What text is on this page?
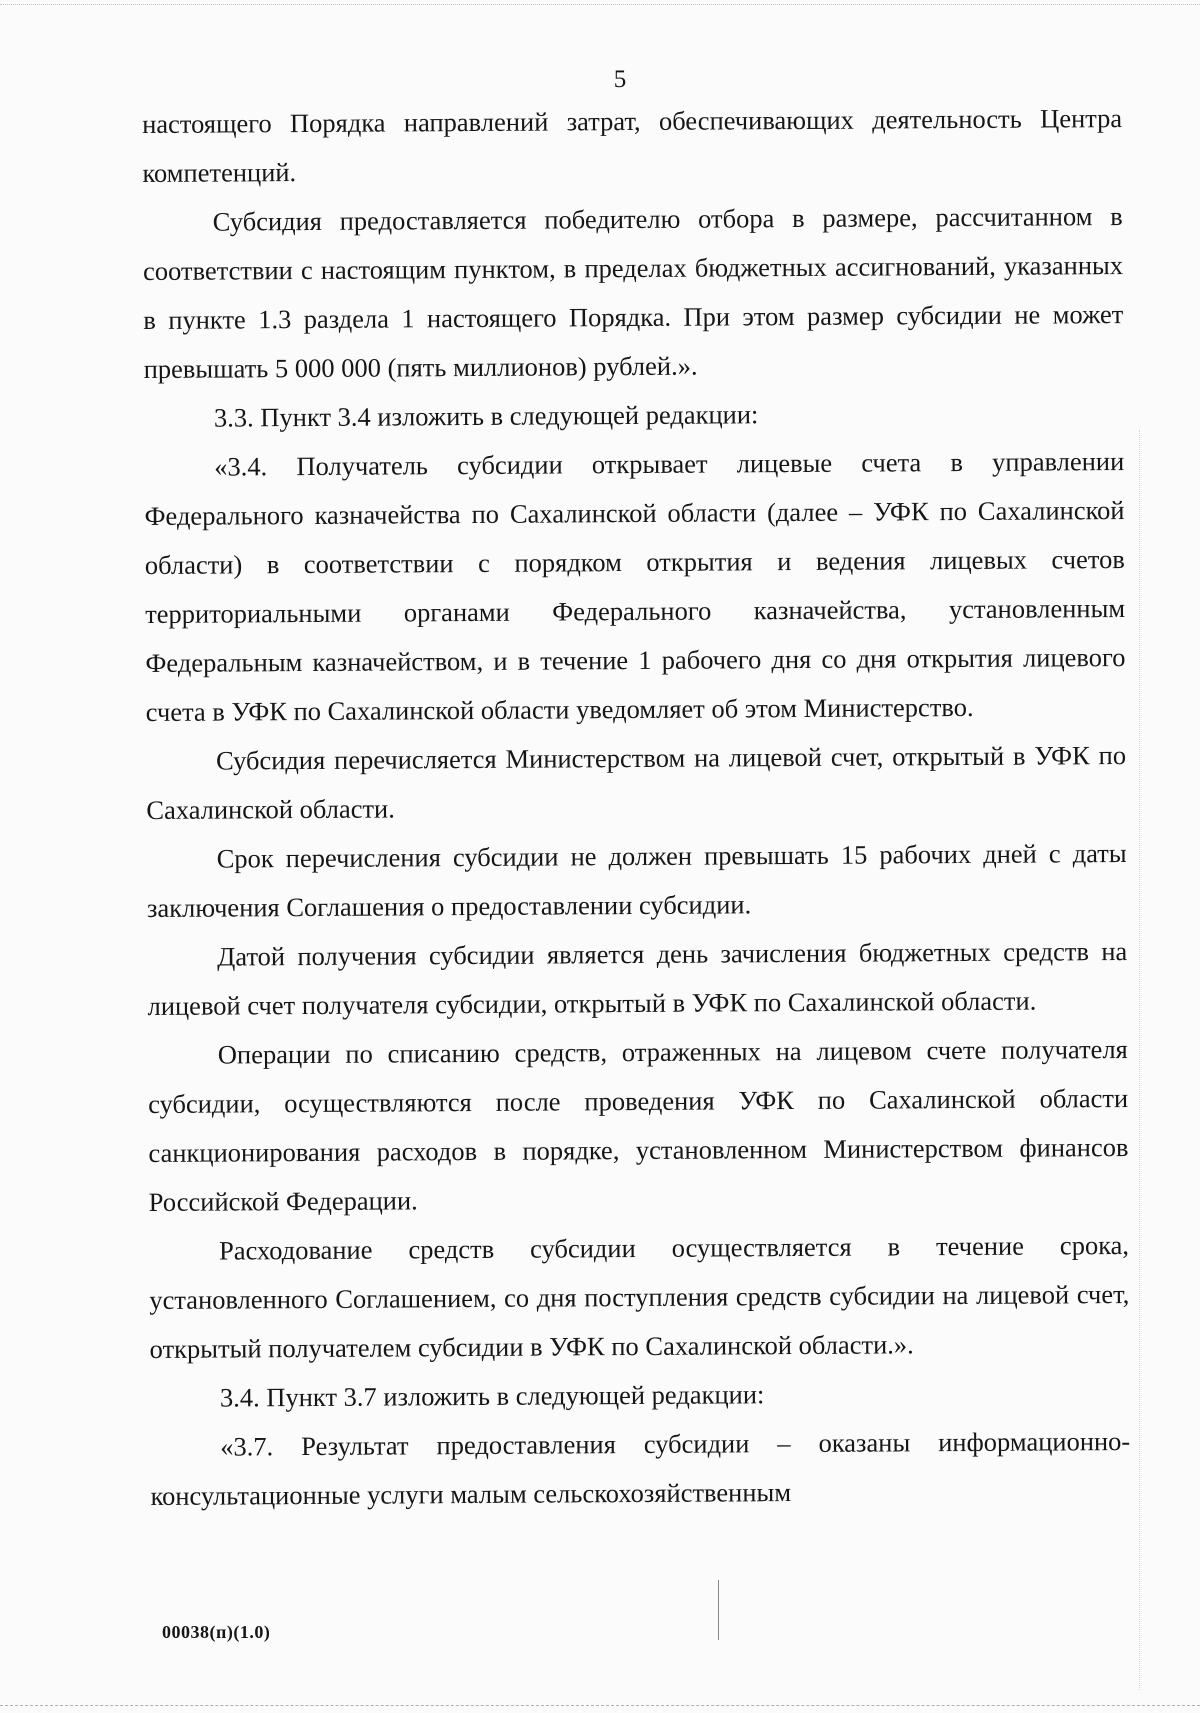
5

настоящего Порядка направлений затрат, обеспечивающих деятельность Центра компетенций.

Субсидия предоставляется победителю отбора в размере, рассчитанном в соответствии с настоящим пунктом, в пределах бюджетных ассигнований, указанных в пункте 1.3 раздела 1 настоящего Порядка. При этом размер субсидии не может превышать 5 000 000 (пять миллионов) рублей.».

3.3. Пункт 3.4 изложить в следующей редакции:

«3.4. Получатель субсидии открывает лицевые счета в управлении Федерального казначейства по Сахалинской области (далее – УФК по Сахалинской области) в соответствии с порядком открытия и ведения лицевых счетов территориальными органами Федерального казначейства, установленным Федеральным казначейством, и в течение 1 рабочего дня со дня открытия лицевого счета в УФК по Сахалинской области уведомляет об этом Министерство.

Субсидия перечисляется Министерством на лицевой счет, открытый в УФК по Сахалинской области.

Срок перечисления субсидии не должен превышать 15 рабочих дней с даты заключения Соглашения о предоставлении субсидии.

Датой получения субсидии является день зачисления бюджетных средств на лицевой счет получателя субсидии, открытый в УФК по Сахалинской области.

Операции по списанию средств, отраженных на лицевом счете получателя субсидии, осуществляются после проведения УФК по Сахалинской области санкционирования расходов в порядке, установленном Министерством финансов Российской Федерации.

Расходование средств субсидии осуществляется в течение срока, установленного Соглашением, со дня поступления средств субсидии на лицевой счет, открытый получателем субсидии в УФК по Сахалинской области.».

3.4. Пункт 3.7 изложить в следующей редакции:

«3.7. Результат предоставления субсидии – оказаны информационно-консультационные услуги малым сельскохозяйственным

00038(п)(1.0)
